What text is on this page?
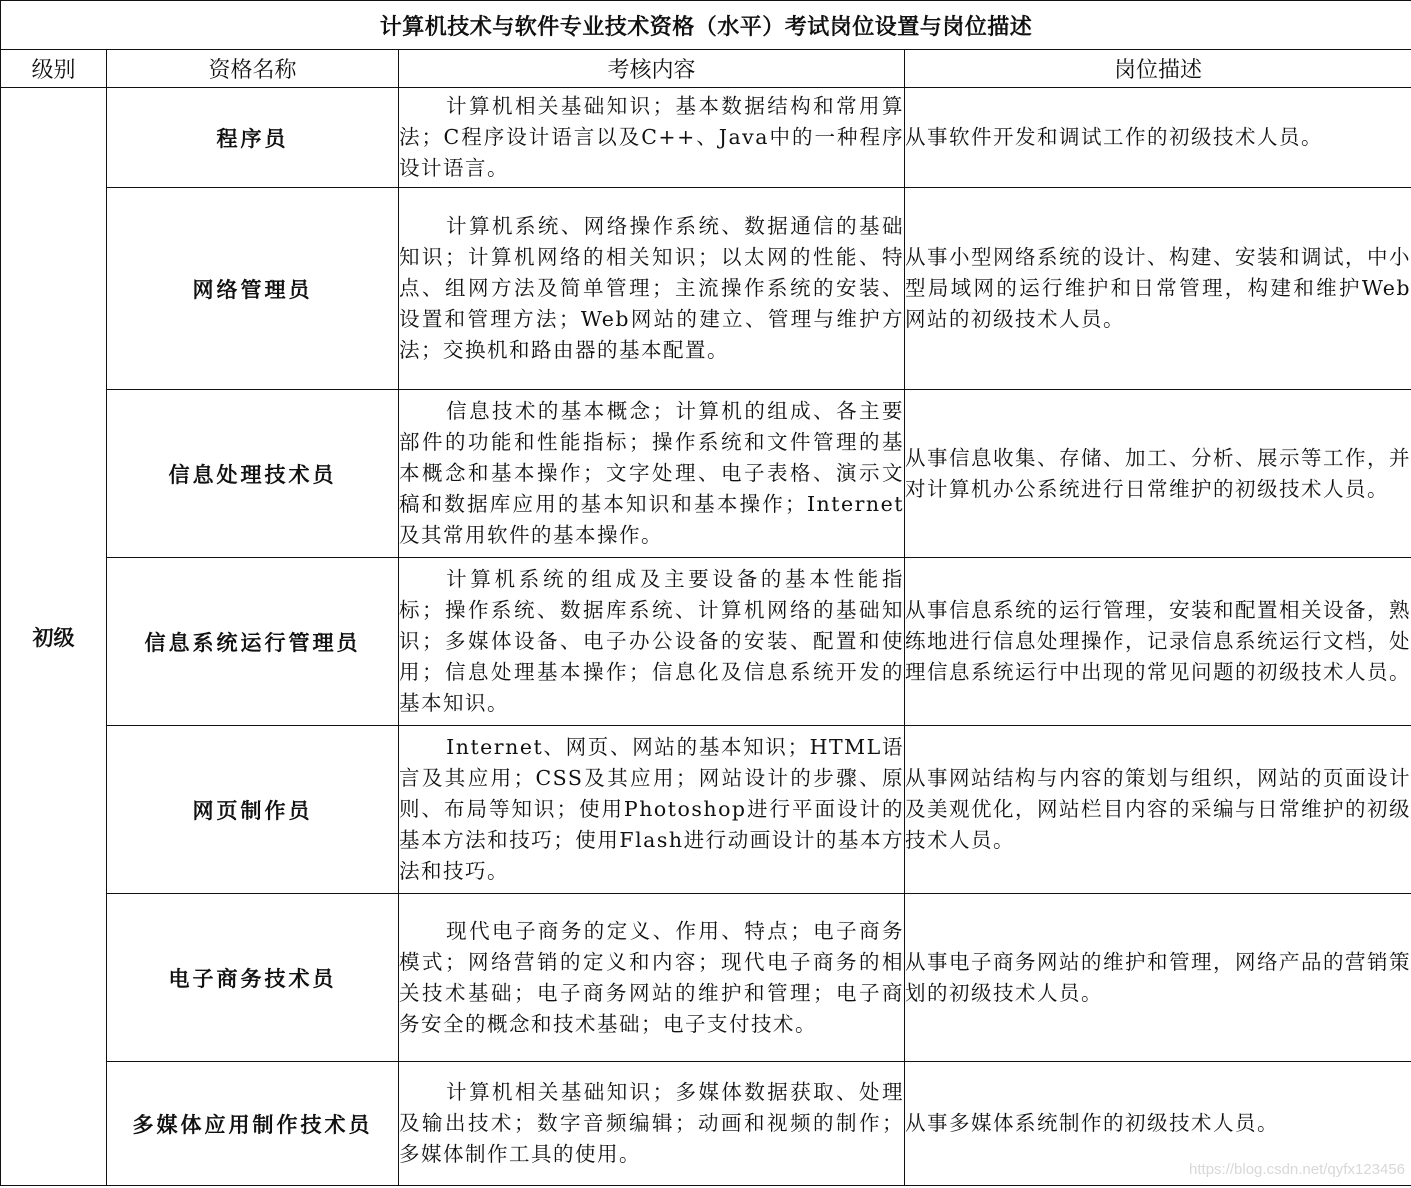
计算机技术与软件专业技术资格（水平）考试岗位设置与岗位描述			
级别	资格名称	考核内容	岗位描述
初级	程序员	计算机相关基础知识；基本数据结构和常用算法；C程序设计语言以及C++、Java中的一种程序设计语言。	从事软件开发和调试工作的初级技术人员。
	网络管理员	计算机系统、网络操作系统、数据通信的基础知识；计算机网络的相关知识；以太网的性能、特点、组网方法及简单管理；主流操作系统的安装、设置和管理方法；Web网站的建立、管理与维护方法；交换机和路由器的基本配置。	从事小型网络系统的设计、构建、安装和调试，中小型局域网的运行维护和日常管理，构建和维护Web网站的初级技术人员。
	信息处理技术员	信息技术的基本概念；计算机的组成、各主要部件的功能和性能指标；操作系统和文件管理的基本概念和基本操作；文字处理、电子表格、演示文稿和数据库应用的基本知识和基本操作；Internet及其常用软件的基本操作。	从事信息收集、存储、加工、分析、展示等工作，并对计算机办公系统进行日常维护的初级技术人员。
	信息系统运行管理员	计算机系统的组成及主要设备的基本性能指标；操作系统、数据库系统、计算机网络的基础知识；多媒体设备、电子办公设备的安装、配置和使用；信息处理基本操作；信息化及信息系统开发的基本知识。	从事信息系统的运行管理，安装和配置相关设备，熟练地进行信息处理操作，记录信息系统运行文档，处理信息系统运行中出现的常见问题的初级技术人员。
	网页制作员	Internet、网页、网站的基本知识；HTML语言及其应用；CSS及其应用；网站设计的步骤、原则、布局等知识；使用Photoshop进行平面设计的基本方法和技巧；使用Flash进行动画设计的基本方法和技巧。	从事网站结构与内容的策划与组织，网站的页面设计及美观优化，网站栏目内容的采编与日常维护的初级技术人员。
	电子商务技术员	现代电子商务的定义、作用、特点；电子商务模式；网络营销的定义和内容；现代电子商务的相关技术基础；电子商务网站的维护和管理；电子商务安全的概念和技术基础；电子支付技术。	从事电子商务网站的维护和管理，网络产品的营销策划的初级技术人员。
	多媒体应用制作技术员	计算机相关基础知识；多媒体数据获取、处理及输出技术；数字音频编辑；动画和视频的制作；多媒体制作工具的使用。	从事多媒体系统制作的初级技术人员。
https://blog.csdn.net/qyfx123456
